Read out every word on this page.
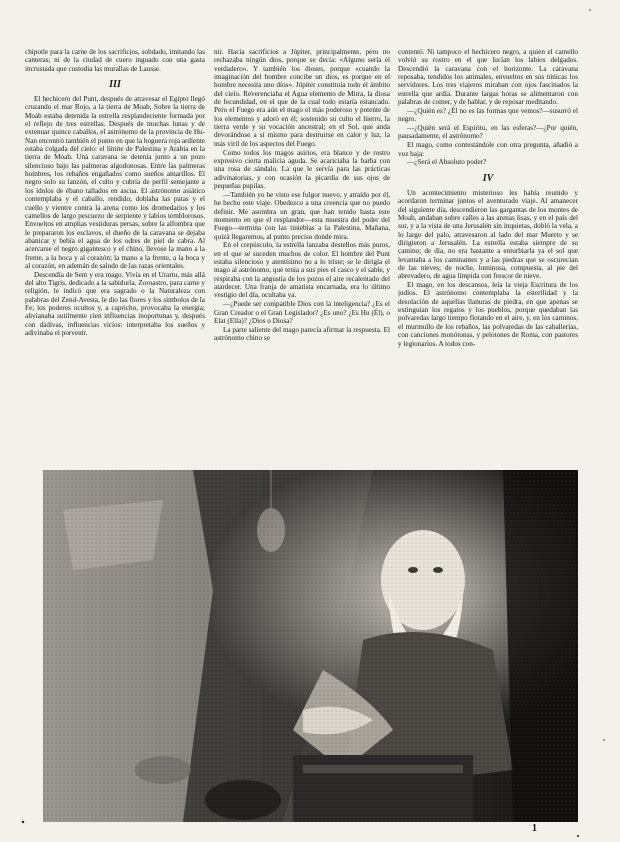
chipotle para la carne de los sacrificios, sobdado, imitando las canteras; ni de la ciudad de cuero inguado con una gasta incrustada que custodia las murallas de Lausse.

III

El hechicero del Punt, después de atravesar el Egipto llegó cruzando el mar Rojo, a la tierra de Moab. Sobre la tierra de Moab estaba detenida la estrella resplandeciente formada por el reflejo de tres estrellas. Después de muchas lunas y de extenuar quince caballos, el astrónomo de la provincia de Hu-Nan encontró también el punto en que la hoguera roja ardiente estaba colgada del cielo: el límite de Palestina y Arabia en la tierra de Moab. Una caravana se detenía junto a un pozo silencioso bajo las palmeras algodonosas. Entre las palmeras hombres, los rebaños engañados como sueños amarillos. El negro solo su lanzón, el culto y cubría de perfil semejante a los ídolos de ébano tallados en ascua. El astrónomo asiático contemplaba y el caballo, rendido, doblaba las patas y el cuello y vientre contra la arena como los dromedarios y los camellos de largo pescuezo de serpiente y labios temblorosos. Envueltos en amplias vestiduras persas, sobre la alfombra que le prepararon los esclavos, el dueño de la caravana se dejaba abanicar y bebía el agua de los odres de piel de cabra. Al acercarse el negro gigantesco y el chino, llevose la mano a la frente, a la boca y al corazón; la mano a la frente, a la boca y al corazón, en ademán de saludo de las razas orientales.

Descendía de Sem y era mago. Vivía en el Urartu, más allá del alto Tigris, dedicado a la sabiduría. Zoroastro, para carne y religión, le indicó que era sagrado o la Naturaleza con palabras del Zend-Avesta, le dio las flores y los símbolos de la Fe; los poderes ocultos y, a capricho, provocaba la energía; alivianaba sutilmente cien influencias inoportunas y, después con dádivas, influencias vicios: interpretaba los sueños y adivinaba el porvenir.

nir. Hacía sacrificios a Júpiter, principalmente, pero no rechazaba ningún dios, porque se decía: «Alguno sería el verdadero». Y también los dioses, porque «cuando la imaginación del hombre concibe un dios, es porque en el hombre necesita uno dios». Júpiter constituía todo el ámbito del cielo. Reverenciaba el Agua elemento de Mitra, la diosa de fecundidad, en el que de la cual todo estaría estancado. Pero el Fuego era aún el mago el más poderoso y potente de los elementos y adoró en él; sostenido su culto el hierro, la tierra verde y su vocación ancestral; en el Sol, que anda devorándose a sí mismo para destruirse en calor y luz, la más viril de los aspectos del Fuego.

Como todos los magos asirios, era blanco y de rostro expresivo cierta malicia aguda. Se acariciaba la barba con una rosa de sándalo. La que le servía para las prácticas adivinatorias, y con ocasión la picardía de sus ojos de pequeñas pupilas.

—También yo he visto ese fulgor nuevo, y atraído por él, he hecho este viaje. Obedezco a una creencia que no puedo definir. Me asombra un gran, que han tenido hasta este momento en que el resplandor—esta muestra del poder del Fuego—termina con las tinieblas a la Palestina. Mañana, quizá llegaremos, al punto preciso donde mira.

En el crepúsculo, la estrella lanzaba destellos más puros, en el que se suceden muchos de color. El hombre del Punt estaba silencioso y atentísimo no a lo triste; se le dirigía el mago al astrónomo, que tenía a sus pies el casco y el sable, y respiraba con la angustia de los pozos el aire recalentado del atardecer. Una franja de amatista encarnada, era lo último vestigio del día, ocultaba ya.

—¿Puede ser compatible Dios con la inteligencia? ¿Es el Gran Creador o el Gran Legislador? ¿Es uno? ¿Es Hu (Él), o Elat (Ella)? ¿Dios o Diosa?

La parte saliente del mago parecía afirmar la respuesta. El astrónomo chino se

contentó. Ni tampoco el hechicero negro, a quien el camello volvió su rostro en el que lucían los labios delgados. Descendió la caravana con el horizonte. La caravana reposaba, tendidos los animales, envueltos en sus túnicas los servidores. Los tres viajeros miraban con ojos fascinados la estrella que ardía. Durante largas horas se alimentaron con palabras de comer, y de hablar, y de reposar meditando.

—¿Quién es? ¿Él no es las formas que vemos?—susurró el negro.

—¿Quién será el Espíritu, en las esferas?—¿Por quién, pausadamente, el astrónomo?

El mago, como contestándole con otra pregunta, añadió a voz baja:

—¿Será el Absoluto poder?

IV

Un acontecimiento misterioso les había reunido y acordaron terminar juntos el aventurado viaje. Al amanecer del siguiente día, descendieron las gargantas de los montes de Moab, andaban sobre calles a las arenas lisas, y en el país del sur, y a la vista de una Jerusalén sin inquietas, dobló la vela, a lo largo del palo, atravesaron al lado del mar Muerto y se dirigieron a Jerusalén. La estrella estaba siempre de su camino; de día, no era bastante a enturbiarla ya el sol que levantaba a los caminantes y a las piedras que se oscurecían de las nieves; de noche, luminosa, compuesta, al pie del abrevadero, de agua límpida con frescor de nieve.

El mago, en los descansos, leía la vieja Escritura de los judíos. El astrónomo contemplaba la esterilidad y la desolación de aquellas llanuras de piedra, en que apenas se extinguían los regatos y los pueblos, porque quedaban las polvaredas largo tiempo flotando en el aire, y, en los caminos, el murmullo de los rebaños, las polvaredas de las caballerías, con canciones monótonas, y pelotones de Roma, con pastores y legionarios. A todos con-

1
